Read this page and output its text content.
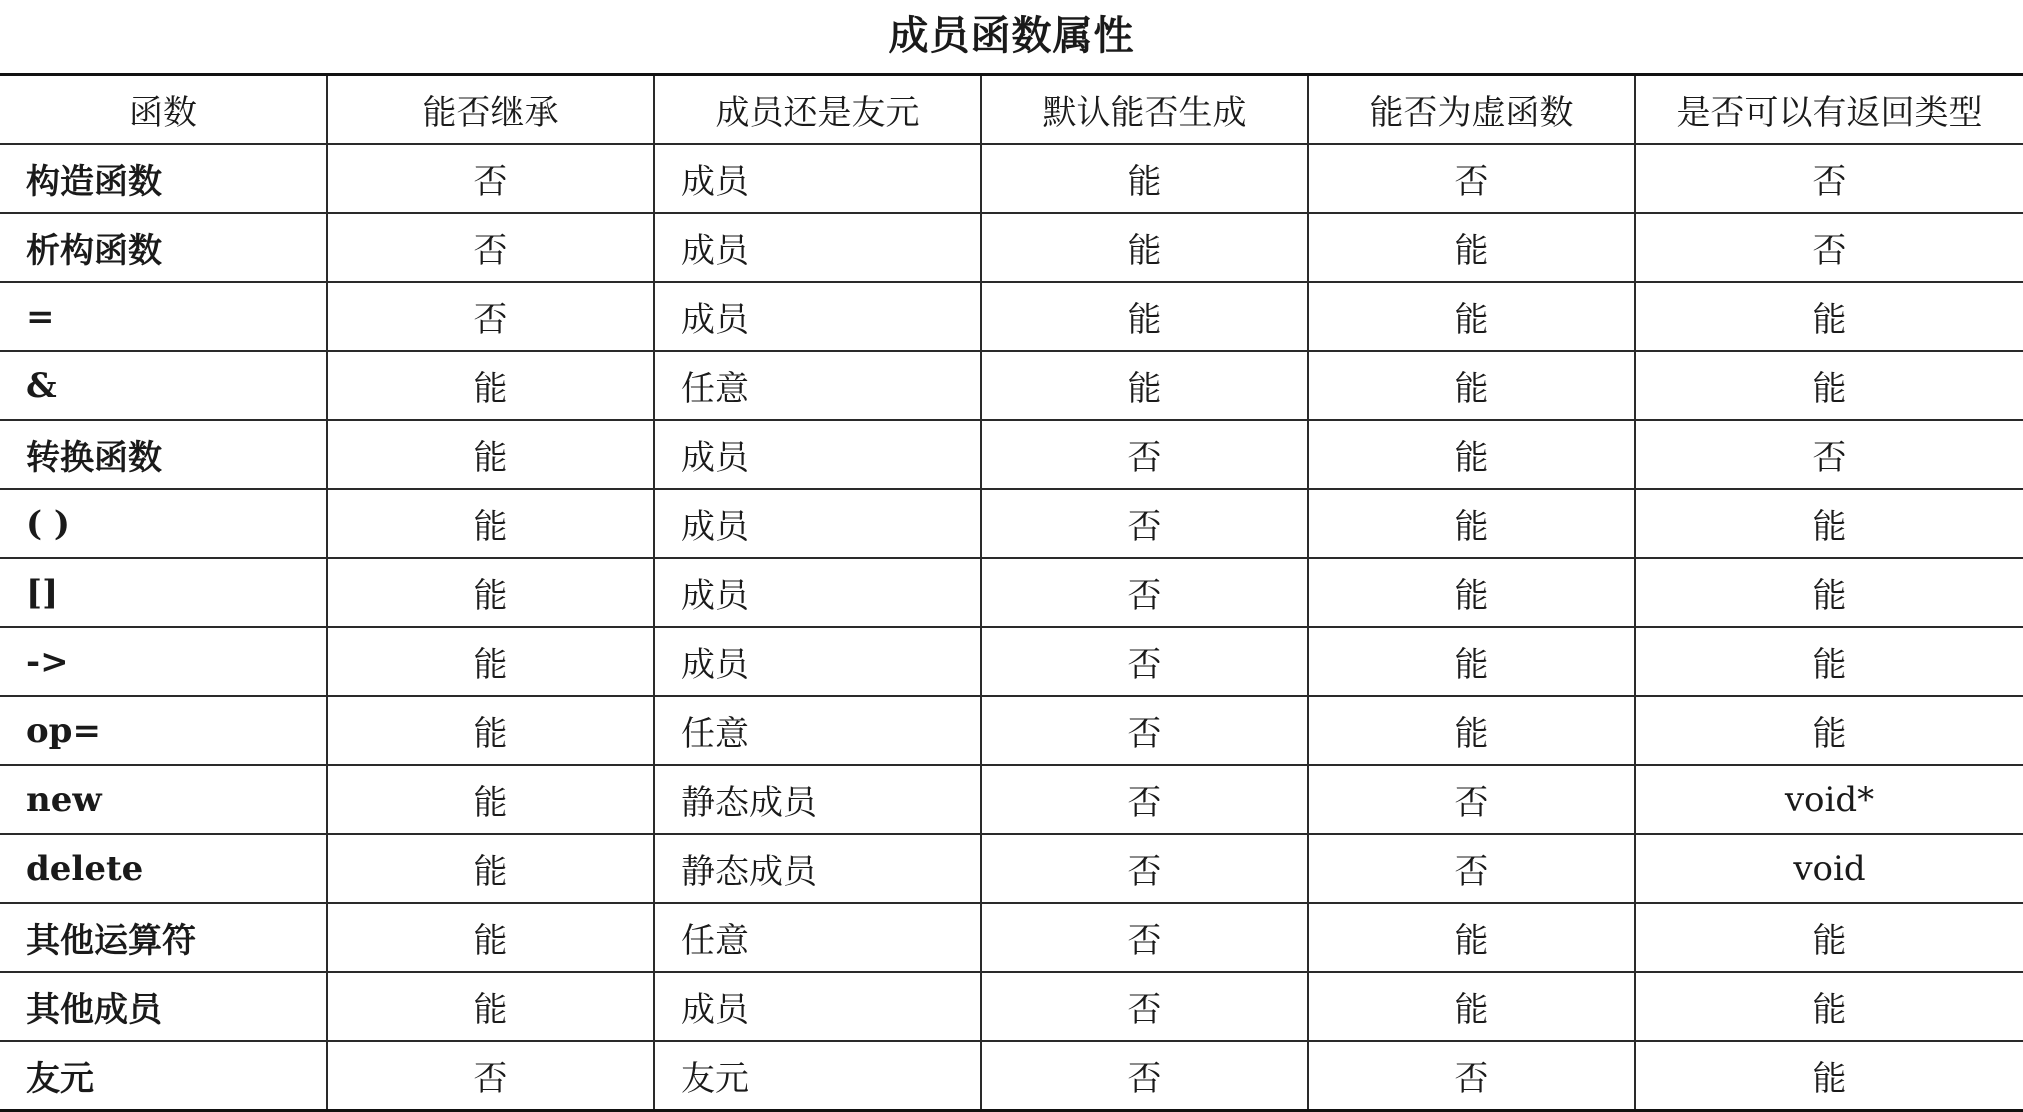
成员函数属性
函数	能否继承	成员还是友元	默认能否生成	能否为虚函数	是否可以有返回类型
构造函数	否	成员	能	否	否
析构函数	否	成员	能	能	否
=	否	成员	能	能	能
&	能	任意	能	能	能
转换函数	能	成员	否	能	否
( )	能	成员	否	能	能
[]	能	成员	否	能	能
->	能	成员	否	能	能
op=	能	任意	否	能	能
new	能	静态成员	否	否	void*
delete	能	静态成员	否	否	void
其他运算符	能	任意	否	能	能
其他成员	能	成员	否	能	能
友元	否	友元	否	否	能
